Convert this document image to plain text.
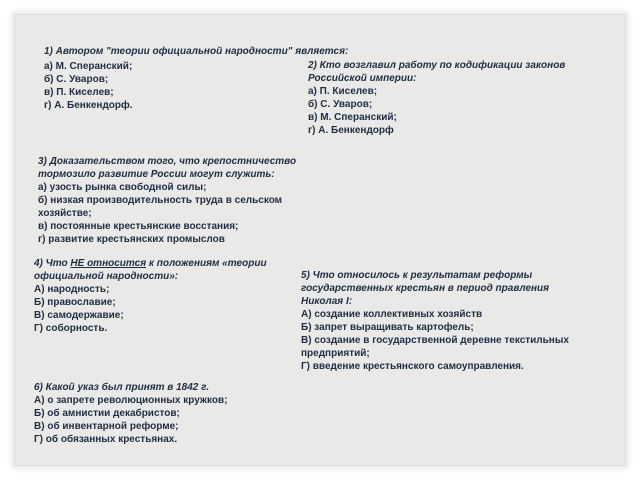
1) Автором "теории официальной народности" является:
а) М. Сперанский;
б) С. Уваров;
в) П. Киселев;
г) А. Бенкендорф.
2) Кто возглавил работу по кодификации законов
Российской империи:
а) П. Киселев;
б) С. Уваров;
в) М. Сперанский;
г) А. Бенкендорф
3) Доказательством того, что крепостничество
тормозило развитие России могут служить:
а) узость рынка свободной силы;
б) низкая производительность труда в сельском
хозяйстве;
в) постоянные крестьянские восстания;
г) развитие крестьянских промыслов
4) Что НЕ относится к положениям «теории
официальной народности»:
А) народность;
Б) православие;
В) самодержавие;
Г) соборность.
5) Что относилось к результатам реформы
государственных крестьян в период правления
Николая I:
А) создание коллективных хозяйств
Б) запрет выращивать картофель;
В) создание в государственной деревне текстильных
предприятий;
Г) введение крестьянского самоуправления.
6) Какой указ был принят в 1842 г.
А) о запрете революционных кружков;
Б) об амнистии декабристов;
В) об инвентарной реформе;
Г) об обязанных крестьянах.
